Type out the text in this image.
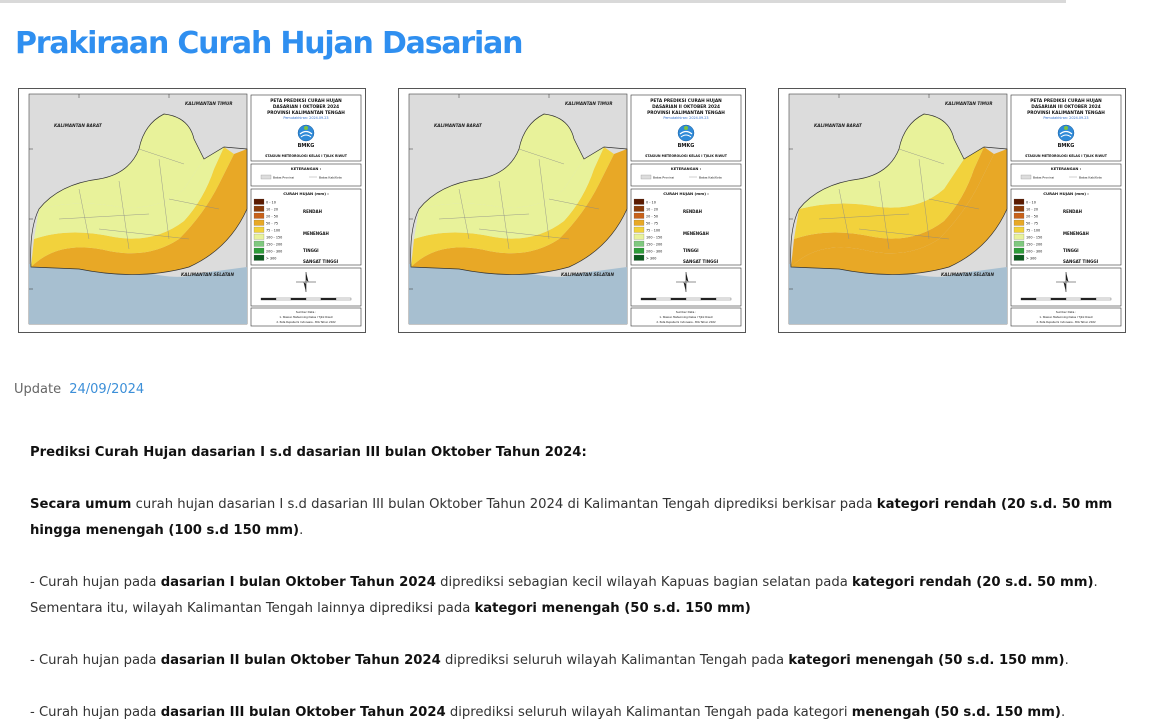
Prakiraan Curah Hujan Dasarian
KALIMANTAN TIMUR
KALIMANTAN BARAT
KALIMANTAN SELATAN
PETA PREDIKSI CURAH HUJAN
DASARIAN I OKTOBER 2024
PROVINSI KALIMANTAN TENGAH
Pemutakhiran: 2024.09.23
BMKG
STASIUN METEOROLOGI KELAS I TJILIK RIWUT
KETERANGAN :
Batas Provinsi	Batas Kab/Kota
CURAH HUJAN (mm) :
0 - 10
10 - 20
20 - 50
50 - 75
75 - 100
100 - 150
150 - 200
200 - 300
> 300
RENDAH
MENENGAH
TINGGI
SANGAT TINGGI
Sumber Data :
1. Stasiun Meteorologi Kelas I Tjilik Riwut
2. Peta Rupabumi Indonesia - BIG Tahun 2022
KALIMANTAN TIMUR
KALIMANTAN BARAT
KALIMANTAN SELATAN
PETA PREDIKSI CURAH HUJAN
DASARIAN II OKTOBER 2024
PROVINSI KALIMANTAN TENGAH
Pemutakhiran: 2024.09.23
BMKG
STASIUN METEOROLOGI KELAS I TJILIK RIWUT
KETERANGAN :
Batas Provinsi	Batas Kab/Kota
CURAH HUJAN (mm) :
0 - 10
10 - 20
20 - 50
50 - 75
75 - 100
100 - 150
150 - 200
200 - 300
> 300
RENDAH
MENENGAH
TINGGI
SANGAT TINGGI
Sumber Data :
1. Stasiun Meteorologi Kelas I Tjilik Riwut
2. Peta Rupabumi Indonesia - BIG Tahun 2022
KALIMANTAN TIMUR
KALIMANTAN BARAT
KALIMANTAN SELATAN
PETA PREDIKSI CURAH HUJAN
DASARIAN III OKTOBER 2024
PROVINSI KALIMANTAN TENGAH
Pemutakhiran: 2024.09.23
BMKG
STASIUN METEOROLOGI KELAS I TJILIK RIWUT
KETERANGAN :
Batas Provinsi	Batas Kab/Kota
CURAH HUJAN (mm) :
0 - 10
10 - 20
20 - 50
50 - 75
75 - 100
100 - 150
150 - 200
200 - 300
> 300
RENDAH
MENENGAH
TINGGI
SANGAT TINGGI
Sumber Data :
1. Stasiun Meteorologi Kelas I Tjilik Riwut
2. Peta Rupabumi Indonesia - BIG Tahun 2022
Update 24/09/2024

Prediksi Curah Hujan dasarian I s.d dasarian III bulan Oktober Tahun 2024:

Secara umum curah hujan dasarian I s.d dasarian III bulan Oktober Tahun 2024 di Kalimantan Tengah diprediksi berkisar pada kategori rendah (20 s.d. 50 mm

hingga menengah (100 s.d 150 mm).

- Curah hujan pada dasarian I bulan Oktober Tahun 2024 diprediksi sebagian kecil wilayah Kapuas bagian selatan pada kategori rendah (20 s.d. 50 mm).

Sementara itu, wilayah Kalimantan Tengah lainnya diprediksi pada kategori menengah (50 s.d. 150 mm)

- Curah hujan pada dasarian II bulan Oktober Tahun 2024 diprediksi seluruh wilayah Kalimantan Tengah pada kategori menengah (50 s.d. 150 mm).

- Curah hujan pada dasarian III bulan Oktober Tahun 2024 diprediksi seluruh wilayah Kalimantan Tengah pada kategori menengah (50 s.d. 150 mm).
